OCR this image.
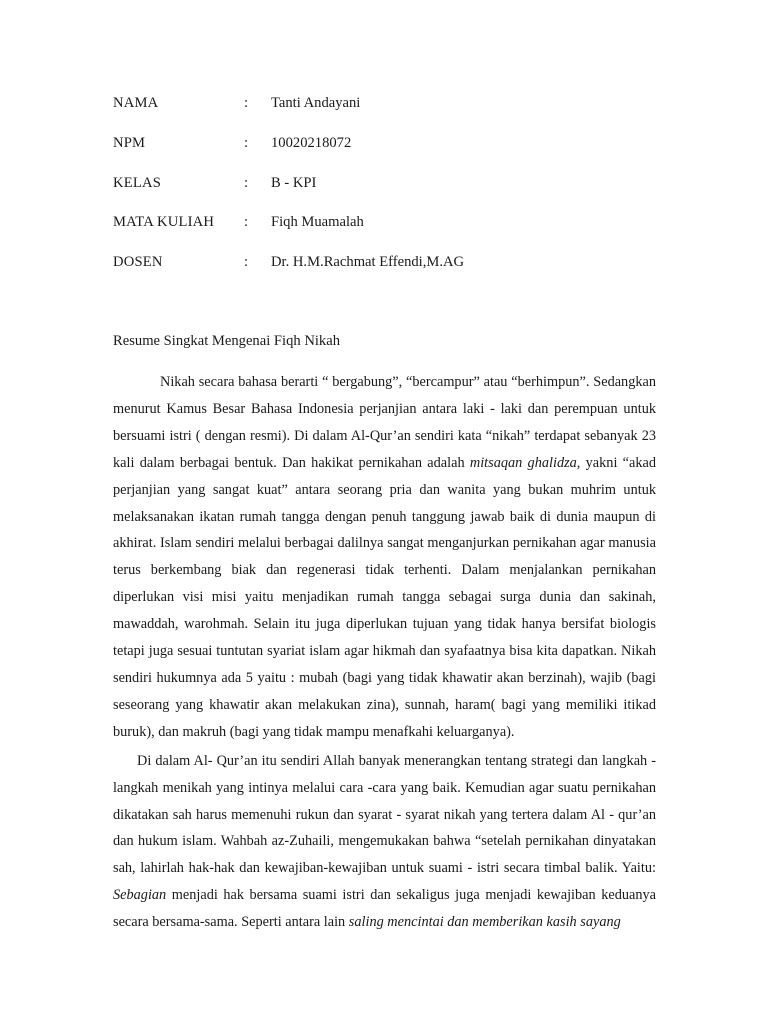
NAMA	: Tanti Andayani
NPM	: 10020218072
KELAS	: B - KPI
MATA KULIAH : Fiqh Muamalah
DOSEN	: Dr. H.M.Rachmat Effendi,M.AG
Resume Singkat Mengenai Fiqh Nikah

Nikah secara bahasa berarti “ bergabung”, “bercampur” atau “berhimpun”. Sedangkan menurut Kamus Besar Bahasa Indonesia perjanjian antara laki - laki dan perempuan untuk bersuami istri ( dengan resmi). Di dalam Al-Qur’an sendiri kata “nikah” terdapat sebanyak 23 kali dalam berbagai bentuk. Dan hakikat pernikahan adalah mitsaqan ghalidza, yakni “akad perjanjian yang sangat kuat” antara seorang pria dan wanita yang bukan muhrim untuk melaksanakan ikatan rumah tangga dengan penuh tanggung jawab baik di dunia maupun di akhirat. Islam sendiri melalui berbagai dalilnya sangat menganjurkan pernikahan agar manusia terus berkembang biak dan regenerasi tidak terhenti. Dalam menjalankan pernikahan diperlukan visi misi yaitu menjadikan rumah tangga sebagai surga dunia dan sakinah, mawaddah, warohmah. Selain itu juga diperlukan tujuan yang tidak hanya bersifat biologis tetapi juga sesuai tuntutan syariat islam agar hikmah dan syafaatnya bisa kita dapatkan. Nikah sendiri hukumnya ada 5 yaitu : mubah (bagi yang tidak khawatir akan berzinah), wajib (bagi seseorang yang khawatir akan melakukan zina), sunnah, haram( bagi yang memiliki itikad buruk), dan makruh (bagi yang tidak mampu menafkahi keluarganya).

Di dalam Al- Qur’an itu sendiri Allah banyak menerangkan tentang strategi dan langkah - langkah menikah yang intinya melalui cara -cara yang baik. Kemudian agar suatu pernikahan dikatakan sah harus memenuhi rukun dan syarat - syarat nikah yang tertera dalam Al - qur’an dan hukum islam. Wahbah az-Zuhaili, mengemukakan bahwa “setelah pernikahan dinyatakan sah, lahirlah hak-hak dan kewajiban-kewajiban untuk suami - istri secara timbal balik. Yaitu: Sebagian menjadi hak bersama suami istri dan sekaligus juga menjadi kewajiban keduanya secara bersama-sama. Seperti antara lain saling mencintai dan memberikan kasih sayang
